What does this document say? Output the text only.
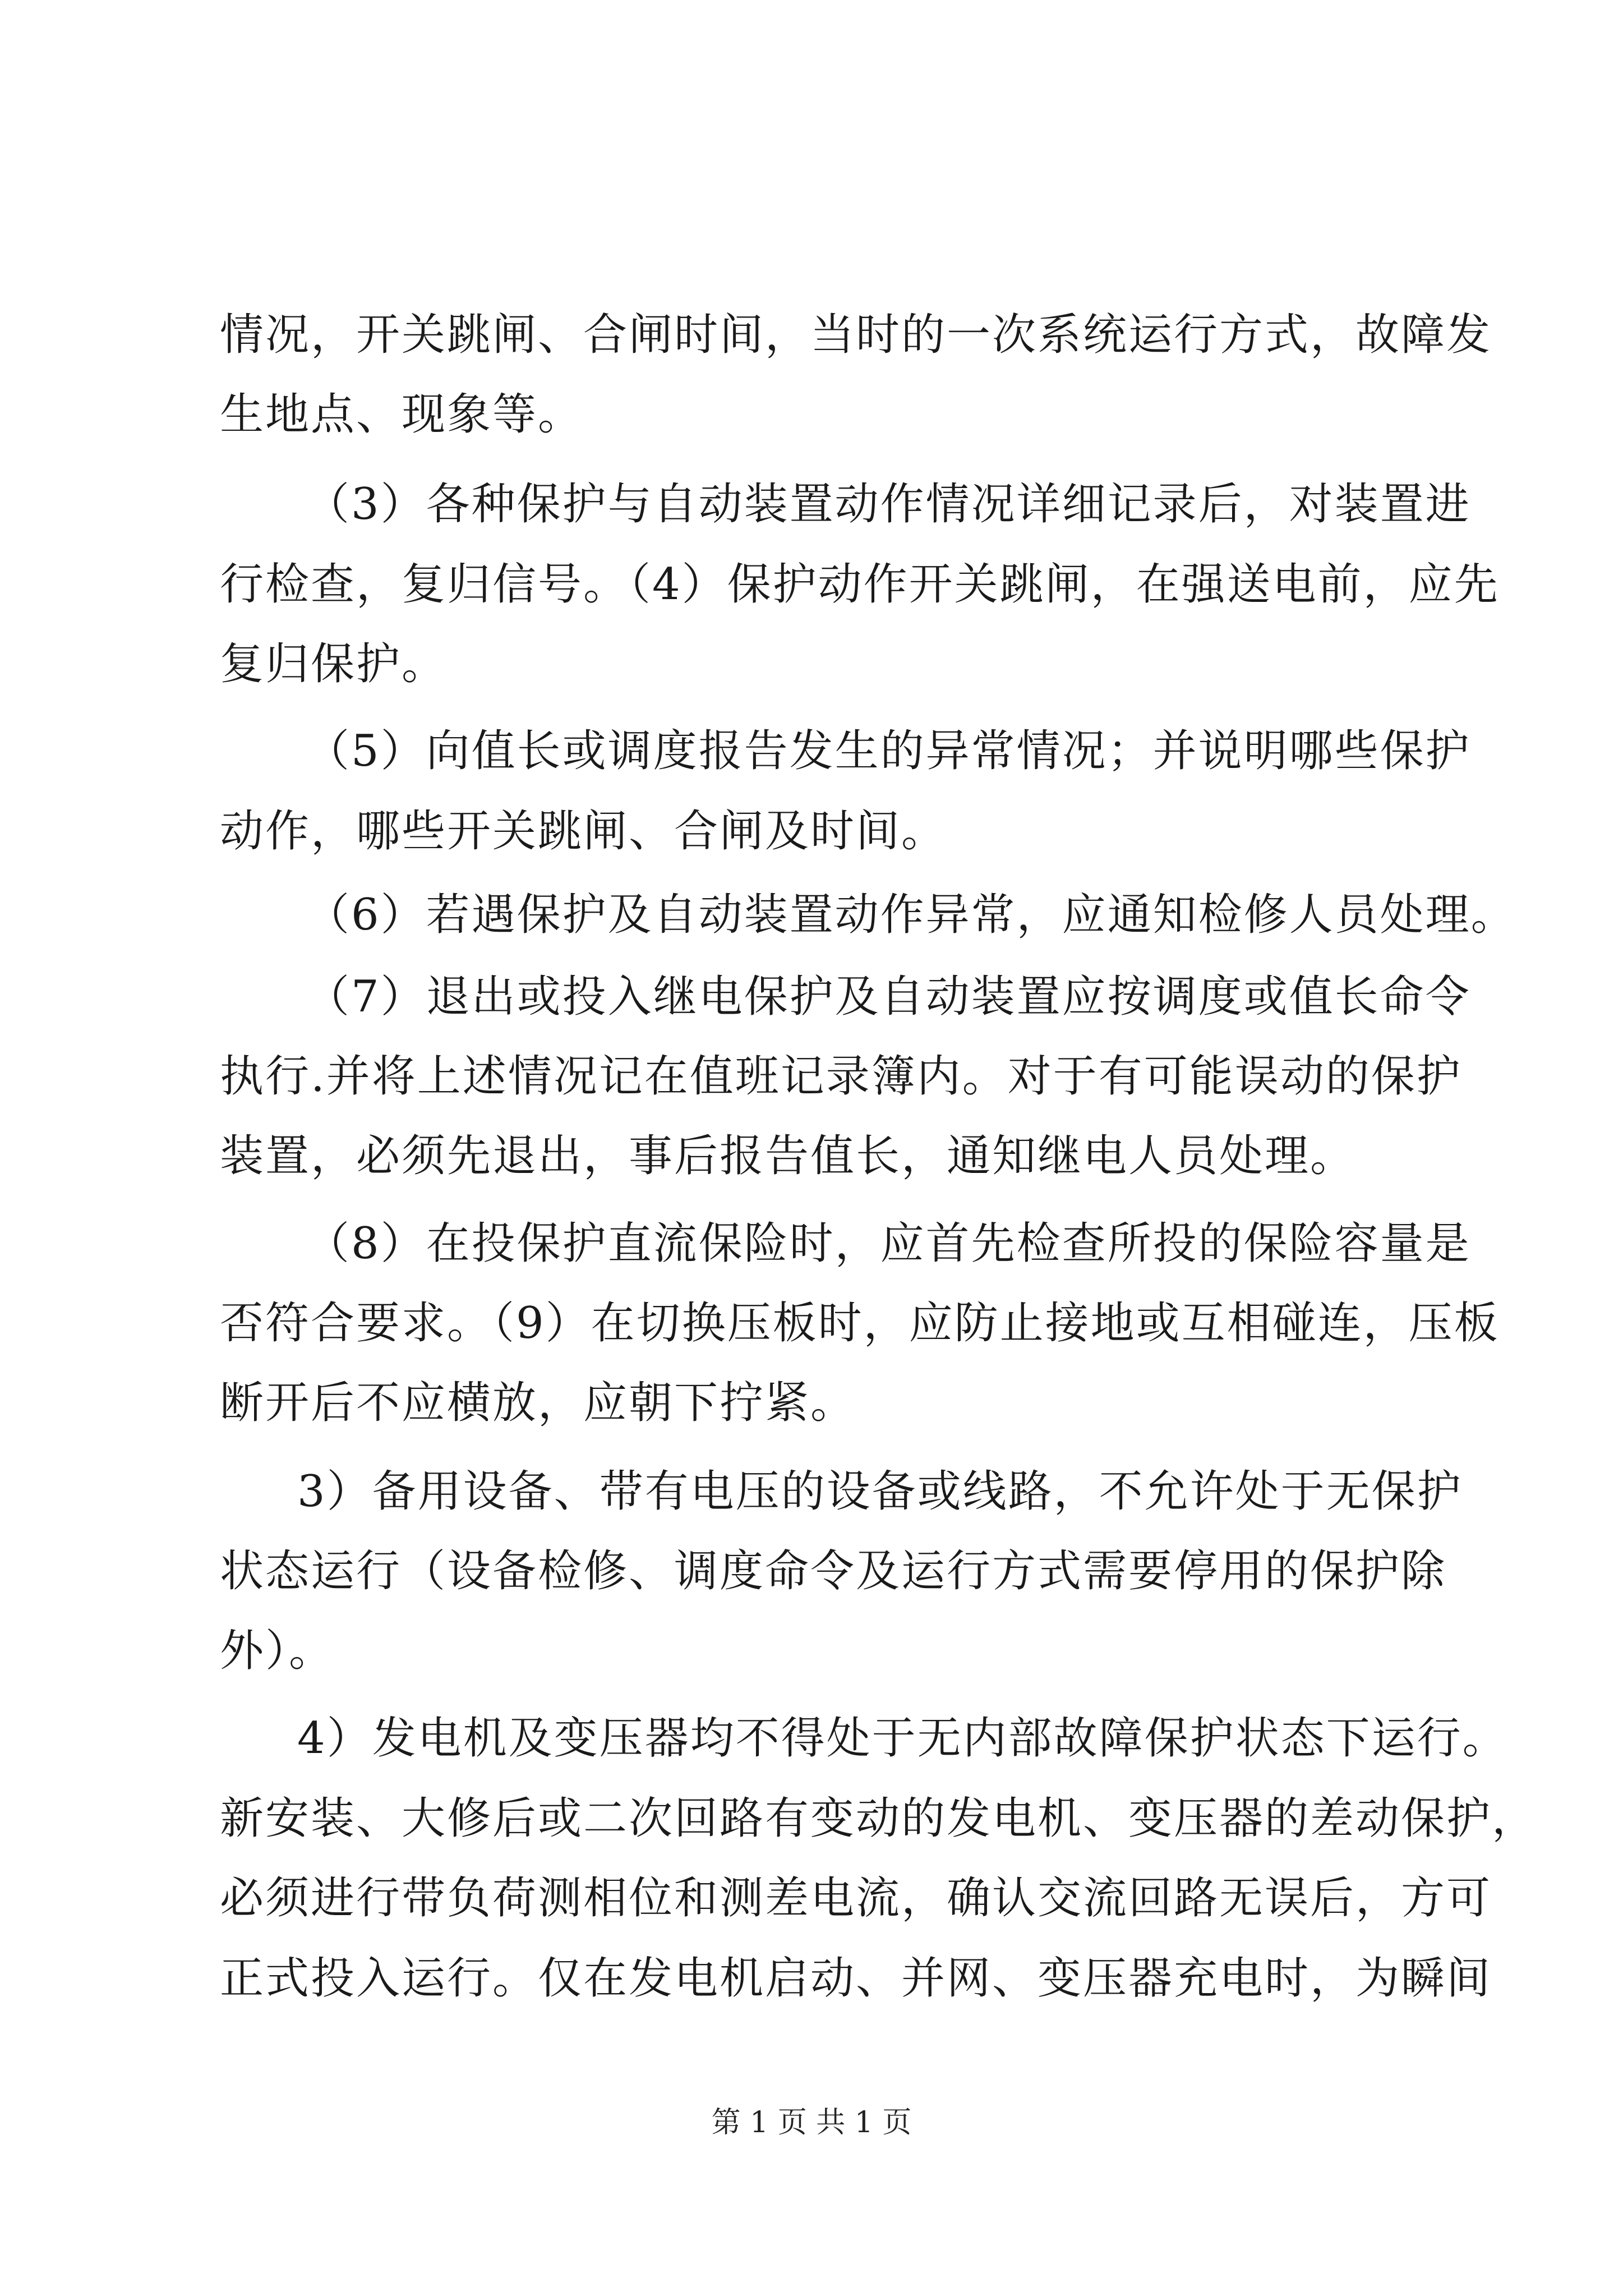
情况，开关跳闸、合闸时间，当时的一次系统运行方式，故障发
生地点、现象等。
（3）各种保护与自动装置动作情况详细记录后，对装置进
行检查，复归信号。（4）保护动作开关跳闸，在强送电前，应先
复归保护。
（5）向值长或调度报告发生的异常情况；并说明哪些保护
动作，哪些开关跳闸、合闸及时间。
（6）若遇保护及自动装置动作异常，应通知检修人员处理。
（7）退出或投入继电保护及自动装置应按调度或值长命令
执行.并将上述情况记在值班记录簿内。对于有可能误动的保护
装置，必须先退出，事后报告值长，通知继电人员处理。
（8）在投保护直流保险时，应首先检查所投的保险容量是
否符合要求。（9）在切换压板时，应防止接地或互相碰连，压板
断开后不应横放，应朝下拧紧。
3）备用设备、带有电压的设备或线路，不允许处于无保护
状态运行（设备检修、调度命令及运行方式需要停用的保护除
外）。
4）发电机及变压器均不得处于无内部故障保护状态下运行。
新安装、大修后或二次回路有变动的发电机、变压器的差动保护，
必须进行带负荷测相位和测差电流，确认交流回路无误后，方可
正式投入运行。仅在发电机启动、并网、变压器充电时，为瞬间
第 1 页 共 1 页
